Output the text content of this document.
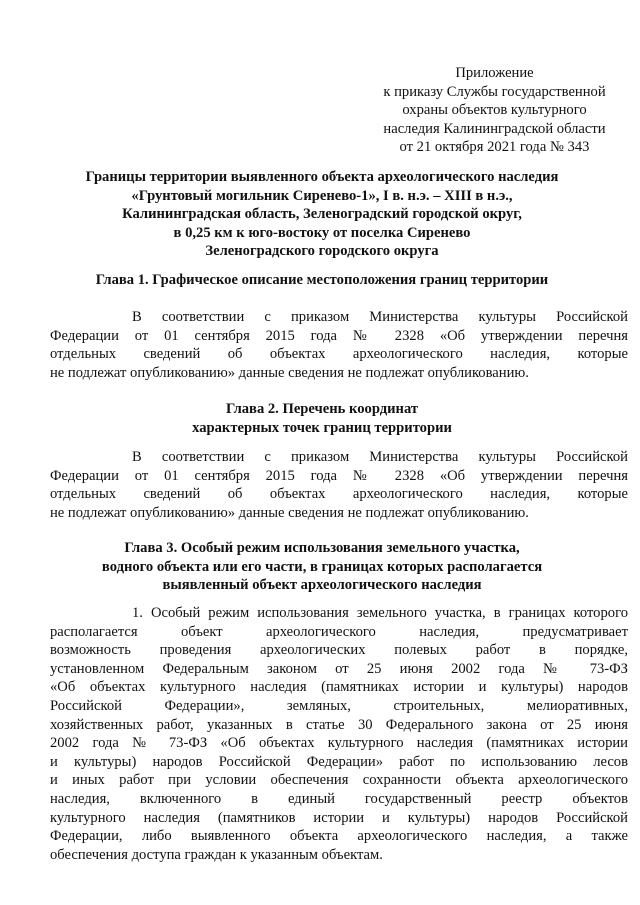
Приложение
к приказу Службы государственной
охраны объектов культурного
наследия Калининградской области
от 21 октября 2021 года № 343
Границы территории выявленного объекта археологического наследия
«Грунтовый могильник Сиренево-1», I в. н.э. – XIII в н.э.,
Калининградская область, Зеленоградский городской округ,
в 0,25 км к юго-востоку от поселка Сиренево
Зеленоградского городского округа
Глава 1. Графическое описание местоположения границ территории
В соответствии с приказом Министерства культуры Российской
Федерации от 01 сентября 2015 года № 2328 «Об утверждении перечня
отдельных сведений об объектах археологического наследия, которые
не подлежат опубликованию» данные сведения не подлежат опубликованию.
Глава 2. Перечень координат
характерных точек границ территории
В соответствии с приказом Министерства культуры Российской
Федерации от 01 сентября 2015 года № 2328 «Об утверждении перечня
отдельных сведений об объектах археологического наследия, которые
не подлежат опубликованию» данные сведения не подлежат опубликованию.
Глава 3. Особый режим использования земельного участка,
водного объекта или его части, в границах которых располагается
выявленный объект археологического наследия
1. Особый режим использования земельного участка, в границах которого
располагается объект археологического наследия, предусматривает
возможность проведения археологических полевых работ в порядке,
установленном Федеральным законом от 25 июня 2002 года № 73-ФЗ
«Об объектах культурного наследия (памятниках истории и культуры) народов
Российской Федерации», земляных, строительных, мелиоративных,
хозяйственных работ, указанных в статье 30 Федерального закона от 25 июня
2002 года № 73-ФЗ «Об объектах культурного наследия (памятниках истории
и культуры) народов Российской Федерации» работ по использованию лесов
и иных работ при условии обеспечения сохранности объекта археологического
наследия, включенного в единый государственный реестр объектов
культурного наследия (памятников истории и культуры) народов Российской
Федерации, либо выявленного объекта археологического наследия, а также
обеспечения доступа граждан к указанным объектам.
